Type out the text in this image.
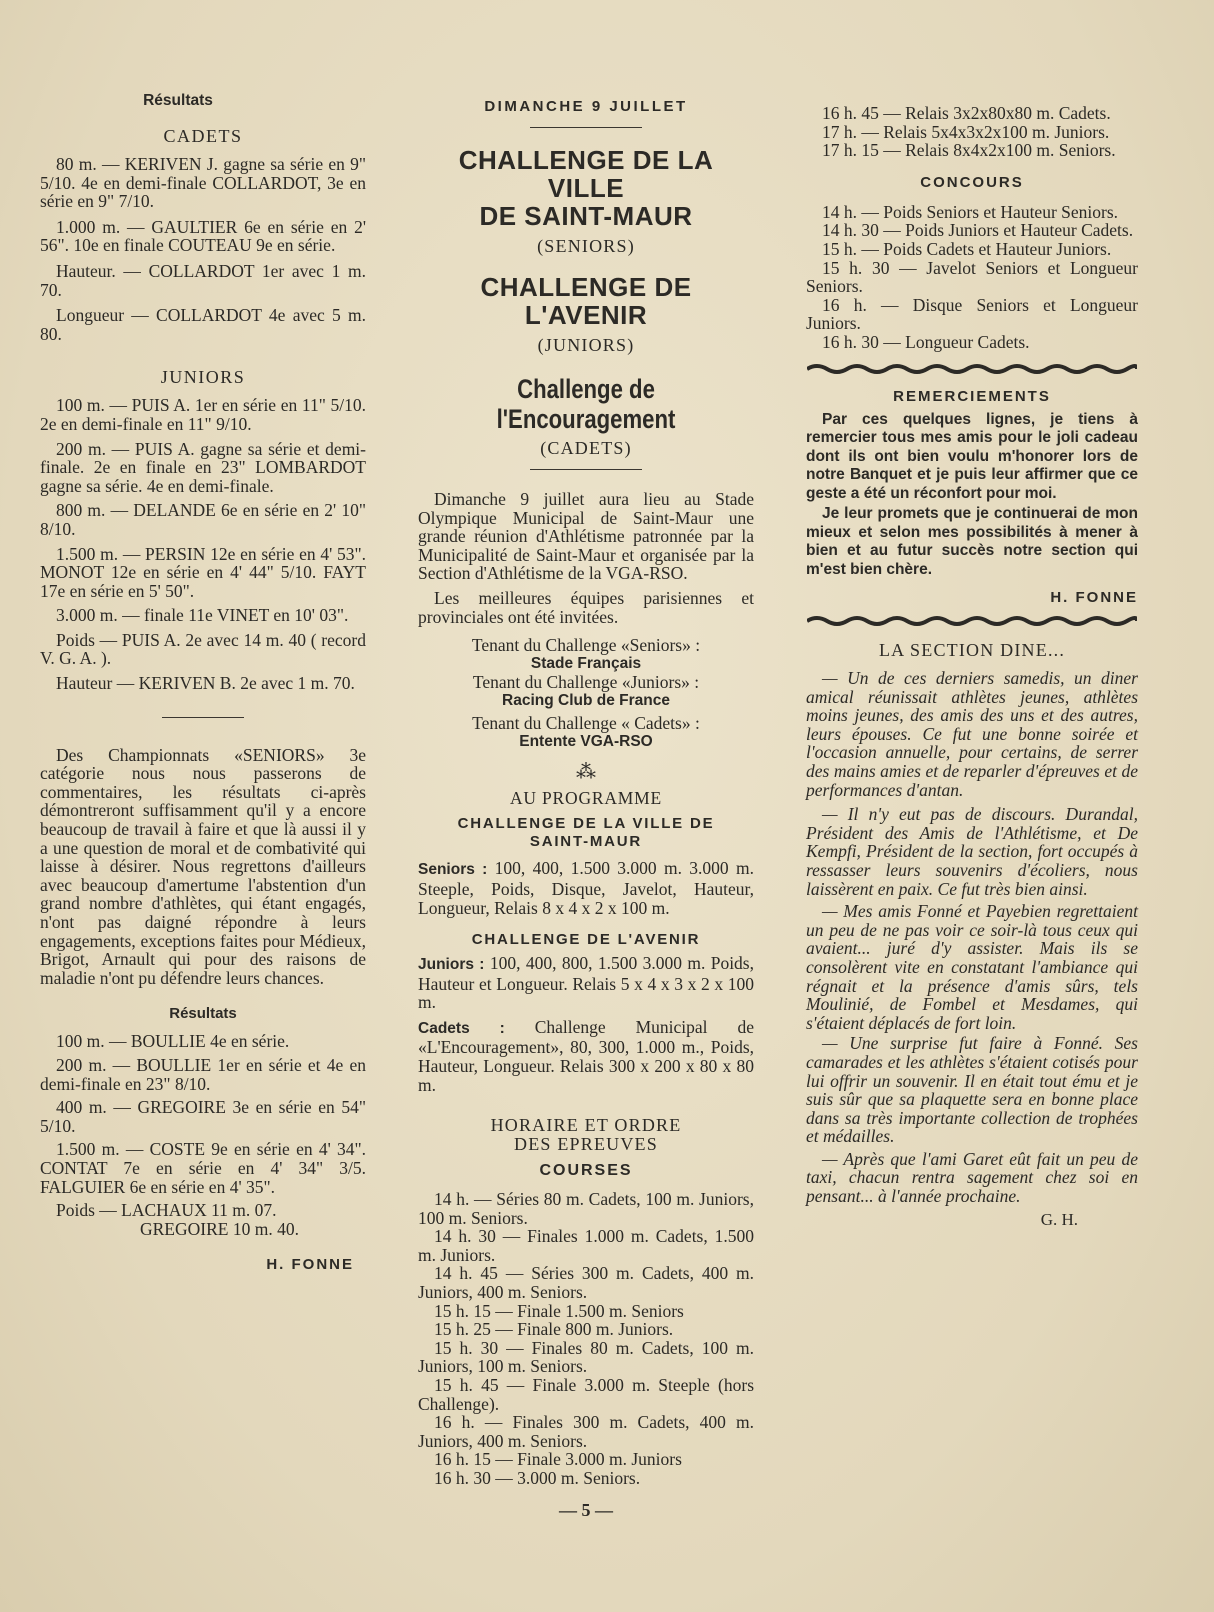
Résultats
CADETS

80 m. — KERIVEN J. gagne sa série en 9" 5/10. 4e en demi-finale COLLARDOT, 3e en série en 9" 7/10.

1.000 m. — GAULTIER 6e en série en 2' 56". 10e en finale COUTEAU 9e en série.

Hauteur. — COLLARDOT 1er avec 1 m. 70.

Longueur — COLLARDOT 4e avec 5 m. 80.

JUNIORS

100 m. — PUIS A. 1er en série en 11" 5/10. 2e en demi-finale en 11" 9/10.

200 m. — PUIS A. gagne sa série et demi-finale. 2e en finale en 23" LOMBARDOT gagne sa série. 4e en demi-finale.

800 m. — DELANDE 6e en série en 2' 10" 8/10.

1.500 m. — PERSIN 12e en série en 4' 53". MONOT 12e en série en 4' 44" 5/10. FAYT 17e en série en 5' 50".

3.000 m. — finale 11e VINET en 10' 03".

Poids — PUIS A. 2e avec 14 m. 40 ( record V. G. A. ).

Hauteur — KERIVEN B. 2e avec 1 m. 70.

Des Championnats «SENIORS» 3e catégorie nous nous passerons de commentaires, les résultats ci-après démontreront suffisamment qu'il y a encore beaucoup de travail à faire et que là aussi il y a une question de moral et de combativité qui laisse à désirer. Nous regrettons d'ailleurs avec beaucoup d'amertume l'abstention d'un grand nombre d'athlètes, qui étant engagés, n'ont pas daigné répondre à leurs engagements, exceptions faites pour Médieux, Brigot, Arnault qui pour des raisons de maladie n'ont pu défendre leurs chances.

Résultats

100 m. — BOULLIE 4e en série.

200 m. — BOULLIE 1er en série et 4e en demi-finale en 23" 8/10.

400 m. — GREGOIRE 3e en série en 54" 5/10.

1.500 m. — COSTE 9e en série en 4' 34". CONTAT 7e en série en 4' 34" 3/5. FALGUIER 6e en série en 4' 35".

Poids — LACHAUX 11 m. 07.

GREGOIRE 10 m. 40.

H. FONNE
DIMANCHE 9 JUILLET
CHALLENGE DE LA VILLE
DE SAINT-MAUR
(SENIORS)
CHALLENGE DE L'AVENIR
(JUNIORS)
Challenge de l'Encouragement
(CADETS)

Dimanche 9 juillet aura lieu au Stade Olympique Municipal de Saint-Maur une grande réunion d'Athlétisme patronnée par la Municipalité de Saint-Maur et organisée par la Section d'Athlétisme de la VGA-RSO.

Les meilleures équipes parisiennes et provinciales ont été invitées.

Tenant du Challenge «Seniors» :

Stade Français

Tenant du Challenge «Juniors» :

Racing Club de France

Tenant du Challenge « Cadets» :

Entente VGA-RSO
⁂
AU PROGRAMME
CHALLENGE DE LA VILLE DE SAINT-MAUR

Seniors : 100, 400, 1.500 3.000 m. 3.000 m. Steeple, Poids, Disque, Javelot, Hauteur, Longueur, Relais 8 x 4 x 2 x 100 m.

CHALLENGE DE L'AVENIR

Juniors : 100, 400, 800, 1.500 3.000 m. Poids, Hauteur et Longueur. Relais 5 x 4 x 3 x 2 x 100 m.

Cadets : Challenge Municipal de «L'Encouragement», 80, 300, 1.000 m., Poids, Hauteur, Longueur. Relais 300 x 200 x 80 x 80 m.

HORAIRE ET ORDRE
DES EPREUVES
COURSES

14 h. — Séries 80 m. Cadets, 100 m. Juniors, 100 m. Seniors.

14 h. 30 — Finales 1.000 m. Cadets, 1.500 m. Juniors.

14 h. 45 — Séries 300 m. Cadets, 400 m. Juniors, 400 m. Seniors.

15 h. 15 — Finale 1.500 m. Seniors

15 h. 25 — Finale 800 m. Juniors.

15 h. 30 — Finales 80 m. Cadets, 100 m. Juniors, 100 m. Seniors.

15 h. 45 — Finale 3.000 m. Steeple (hors Challenge).

16 h. — Finales 300 m. Cadets, 400 m. Juniors, 400 m. Seniors.

16 h. 15 — Finale 3.000 m. Juniors

16 h. 30 — 3.000 m. Seniors.

— 5 —

16 h. 45 — Relais 3x2x80x80 m. Cadets.

17 h. — Relais 5x4x3x2x100 m. Juniors.

17 h. 15 — Relais 8x4x2x100 m. Seniors.

CONCOURS

14 h. — Poids Seniors et Hauteur Seniors.

14 h. 30 — Poids Juniors et Hauteur Cadets.

15 h. — Poids Cadets et Hauteur Juniors.

15 h. 30 — Javelot Seniors et Longueur Seniors.

16 h. — Disque Seniors et Longueur Juniors.

16 h. 30 — Longueur Cadets.

REMERCIEMENTS
Par ces quelques lignes, je tiens à remercier tous mes amis pour le joli cadeau dont ils ont bien voulu m'honorer lors de notre Banquet et je puis leur affirmer que ce geste a été un réconfort pour moi.
Je leur promets que je continuerai de mon mieux et selon mes possibilités à mener à bien et au futur succès notre section qui m'est bien chère.
H. FONNE
LA SECTION DINE...

— Un de ces derniers samedis, un diner amical réunissait athlètes jeunes, athlètes moins jeunes, des amis des uns et des autres, leurs épouses. Ce fut une bonne soirée et l'occasion annuelle, pour certains, de serrer des mains amies et de reparler d'épreuves et de performances d'antan.

— Il n'y eut pas de discours. Durandal, Président des Amis de l'Athlétisme, et De Kempfi, Président de la section, fort occupés à ressasser leurs souvenirs d'écoliers, nous laissèrent en paix. Ce fut très bien ainsi.

— Mes amis Fonné et Payebien regrettaient un peu de ne pas voir ce soir-là tous ceux qui avaient... juré d'y assister. Mais ils se consolèrent vite en constatant l'ambiance qui régnait et la présence d'amis sûrs, tels Moulinié, de Fombel et Mesdames, qui s'étaient déplacés de fort loin.

— Une surprise fut faire à Fonné. Ses camarades et les athlètes s'étaient cotisés pour lui offrir un souvenir. Il en était tout ému et je suis sûr que sa plaquette sera en bonne place dans sa très importante collection de trophées et médailles.

— Après que l'ami Garet eût fait un peu de taxi, chacun rentra sagement chez soi en pensant... à l'année prochaine.

G. H.
